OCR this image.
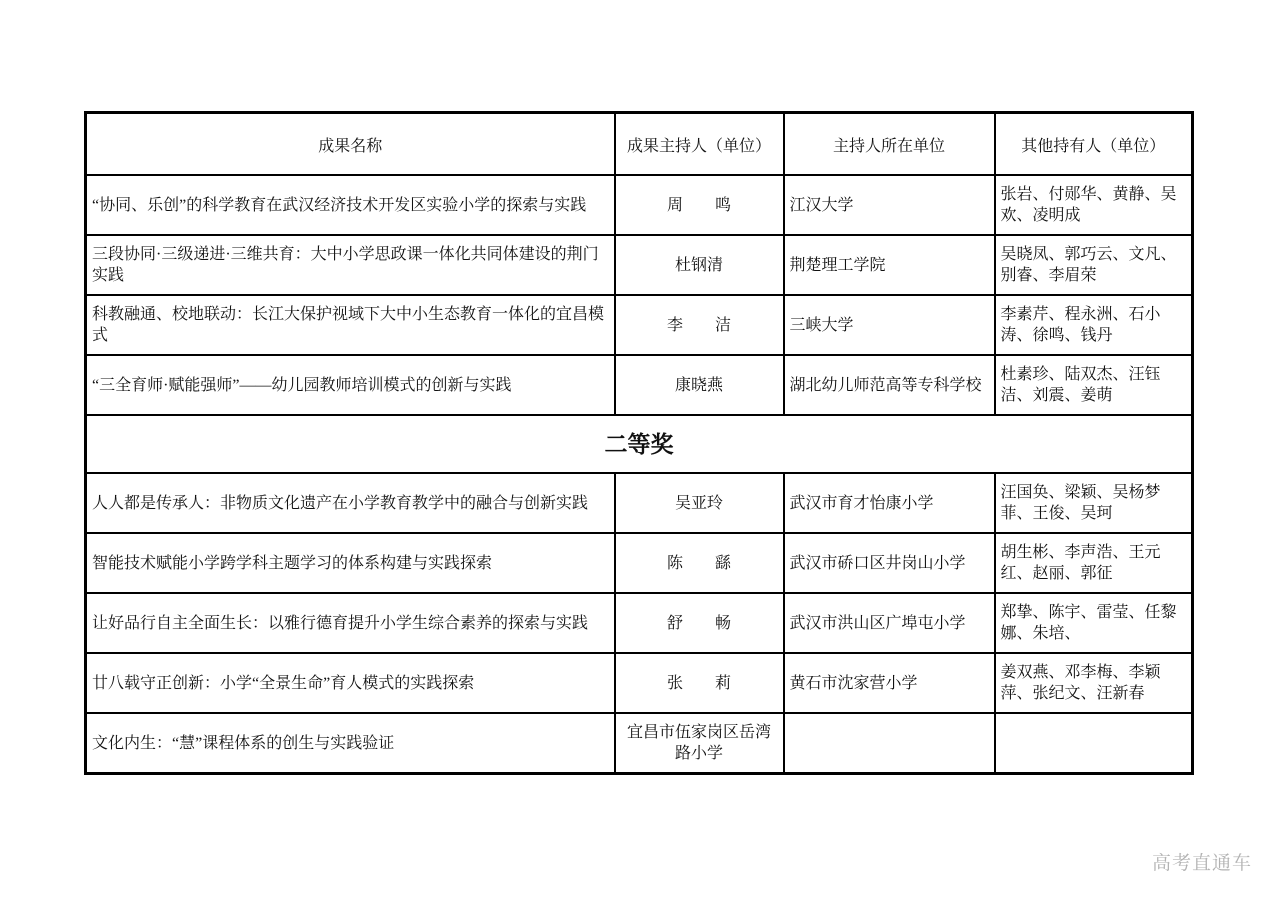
成果名称	成果主持人（单位）	主持人所在单位	其他持有人（单位）
“协同、乐创”的科学教育在武汉经济技术开发区实验小学的探索与实践	周　　鸣	江汉大学	张岩、付郧华、黄静、吴欢、凌明成
三段协同·三级递进·三维共育：大中小学思政课一体化共同体建设的荆门实践	杜钢清	荆楚理工学院	吴晓凤、郭巧云、文凡、别睿、李眉荣
科教融通、校地联动：长江大保护视域下大中小生态教育一体化的宜昌模式	李　　洁	三峡大学	李素芹、程永洲、石小涛、徐鸣、钱丹
“三全育师·赋能强师”——幼儿园教师培训模式的创新与实践	康晓燕	湖北幼儿师范高等专科学校	杜素珍、陆双杰、汪钰洁、刘震、姜萌
二等奖			
人人都是传承人：非物质文化遗产在小学教育教学中的融合与创新实践	吴亚玲	武汉市育才怡康小学	汪国奂、梁颖、吴杨梦菲、王俊、吴珂
智能技术赋能小学跨学科主题学习的体系构建与实践探索	陈　　繇	武汉市硚口区井岗山小学	胡生彬、李声浩、王元红、赵丽、郭征
让好品行自主全面生长：以雅行德育提升小学生综合素养的探索与实践	舒　　畅	武汉市洪山区广埠屯小学	郑挚、陈宇、雷莹、任黎娜、朱培、
廿八载守正创新：小学“全景生命”育人模式的实践探索	张　　莉	黄石市沈家营小学	姜双燕、邓李梅、李颖萍、张纪文、汪新春
文化内生：“慧”课程体系的创生与实践验证	宜昌市伍家岗区岳湾路小学		
高考直通车
